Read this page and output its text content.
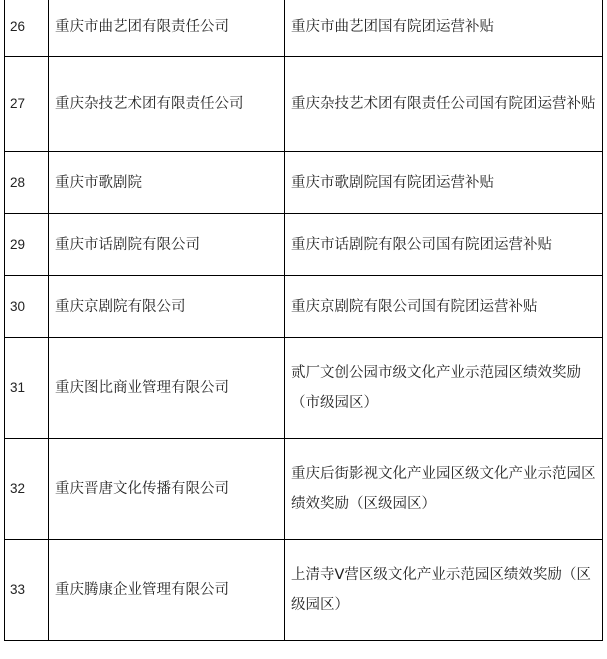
26	重庆市曲艺团有限责任公司	重庆市曲艺团国有院团运营补贴
27	重庆杂技艺术团有限责任公司	重庆杂技艺术团有限责任公司国有院团运营补贴
28	重庆市歌剧院	重庆市歌剧院国有院团运营补贴
29	重庆市话剧院有限公司	重庆市话剧院有限公司国有院团运营补贴
30	重庆京剧院有限公司	重庆京剧院有限公司国有院团运营补贴
31	重庆图比商业管理有限公司	贰厂文创公园市级文化产业示范园区绩效奖励（市级园区）
32	重庆晋唐文化传播有限公司	重庆后街影视文化产业园区级文化产业示范园区绩效奖励（区级园区）
33	重庆腾康企业管理有限公司	上清寺V营区级文化产业示范园区绩效奖励（区级园区）
